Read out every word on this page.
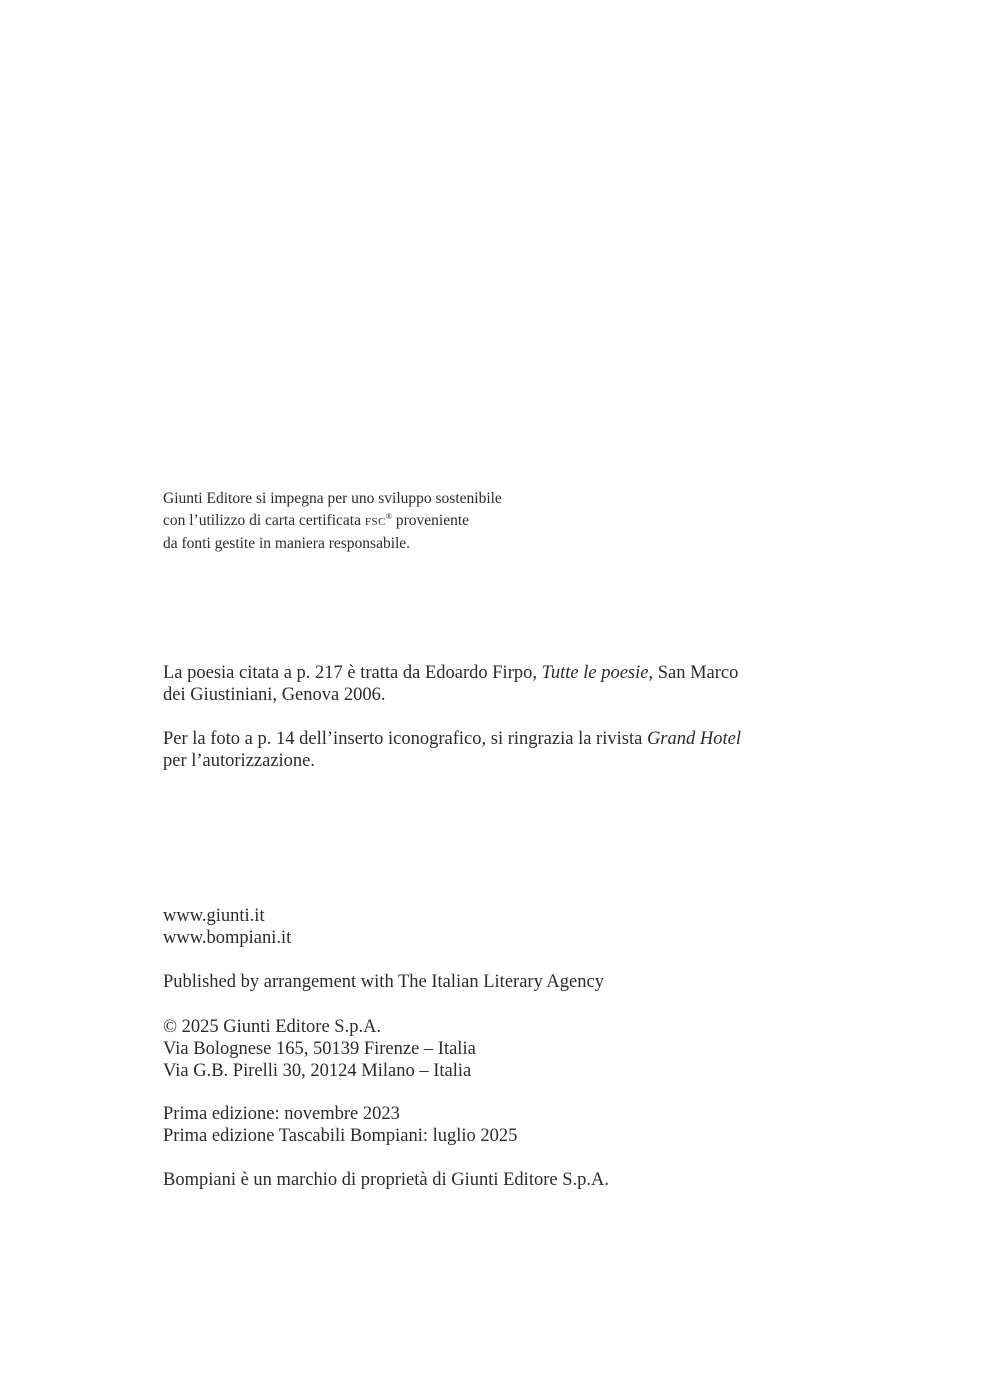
Giunti Editore si impegna per uno sviluppo sostenibile
con l’utilizzo di carta certificata FSC® proveniente
da fonti gestite in maniera responsabile.
La poesia citata a p. 217 è tratta da Edoardo Firpo, Tutte le poesie, San Marco
dei Giustiniani, Genova 2006.
Per la foto a p. 14 dell’inserto iconografico, si ringrazia la rivista Grand Hotel
per l’autorizzazione.
www.giunti.it
www.bompiani.it
Published by arrangement with The Italian Literary Agency
© 2025 Giunti Editore S.p.A.
Via Bolognese 165, 50139 Firenze – Italia
Via G.B. Pirelli 30, 20124 Milano – Italia
Prima edizione: novembre 2023
Prima edizione Tascabili Bompiani: luglio 2025
Bompiani è un marchio di proprietà di Giunti Editore S.p.A.
